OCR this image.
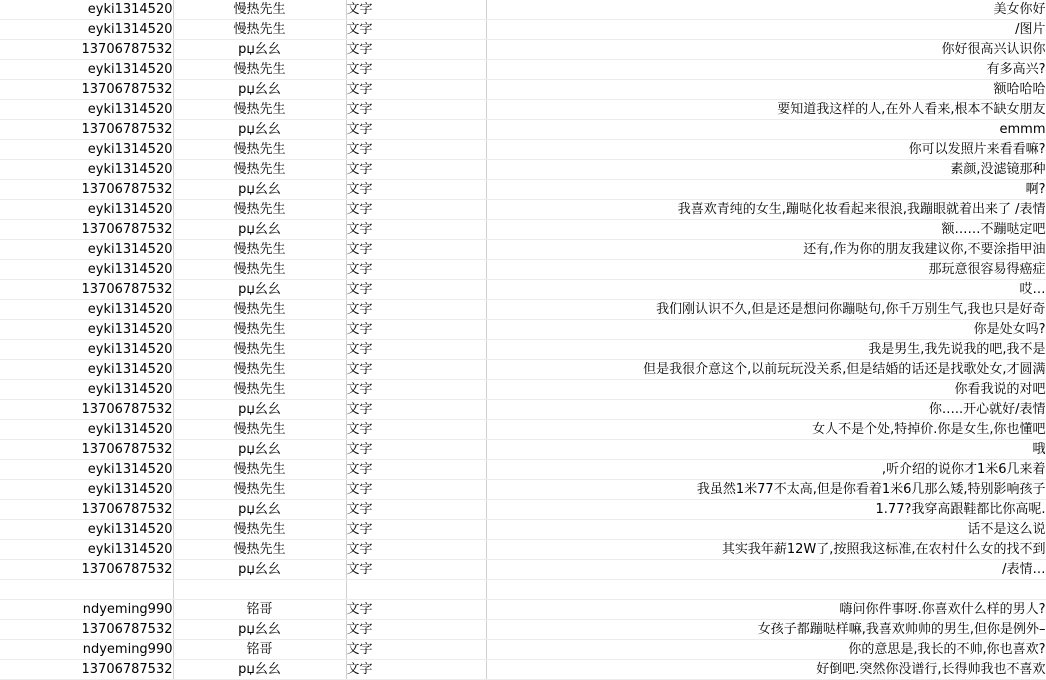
eyki1314520	慢热先生	文字	美女你好
eyki1314520	慢热先生	文字	/图片
13706787532	рџ幺幺	文字	你好很高兴认识你
eyki1314520	慢热先生	文字	有多高兴?
13706787532	рџ幺幺	文字	额哈哈哈
eyki1314520	慢热先生	文字	要知道我这样的人,在外人看来,根本不缺女朋友
13706787532	рџ幺幺	文字	emmm
eyki1314520	慢热先生	文字	你可以发照片来看看嘛?
eyki1314520	慢热先生	文字	素颜,没滤镜那种
13706787532	рџ幺幺	文字	啊?
eyki1314520	慢热先生	文字	我喜欢青纯的女生,蹦哒化妆看起来很浪,我蹦眼就着出来了 /表情
13706787532	рџ幺幺	文字	额……不蹦哒定吧
eyki1314520	慢热先生	文字	还有,作为你的朋友我建议你,不要涂指甲油
eyki1314520	慢热先生	文字	那玩意很容易得癌症
13706787532	рџ幺幺	文字	哎…
eyki1314520	慢热先生	文字	我们刚认识不久,但是还是想问你蹦哒句,你千万别生气,我也只是好奇
eyki1314520	慢热先生	文字	你是处女吗?
eyki1314520	慢热先生	文字	我是男生,我先说我的吧,我不是
eyki1314520	慢热先生	文字	但是我很介意这个,以前玩玩没关系,但是结婚的话还是找歌处女,才圆满
eyki1314520	慢热先生	文字	你看我说的对吧
13706787532	рџ幺幺	文字	你…..开心就好/表情
eyki1314520	慢热先生	文字	女人不是个处,特掉价.你是女生,你也懂吧
13706787532	рџ幺幺	文字	哦
eyki1314520	慢热先生	文字	,听介绍的说你才1米6几来着
eyki1314520	慢热先生	文字	我虽然1米77不太高,但是你看着1米6几那么矮,特别影响孩子
13706787532	рџ幺幺	文字	1.77?我穿高跟鞋都比你高呢.
eyki1314520	慢热先生	文字	话不是这么说
eyki1314520	慢热先生	文字	其实我年薪12W了,按照我这标准,在农村什么女的找不到
13706787532	рџ幺幺	文字	/表情…

ndyeming990	铭哥	文字	嗨问你件事呀.你喜欢什么样的男人?
13706787532	рџ幺幺	文字	女孩子都蹦哒样嘛,我喜欢帅帅的男生,但你是例外–
ndyeming990	铭哥	文字	你的意思是,我长的不帅,你也喜欢?
13706787532	рџ幺幺	文字	好倒吧.突然你没谱行,长得帅我也不喜欢
